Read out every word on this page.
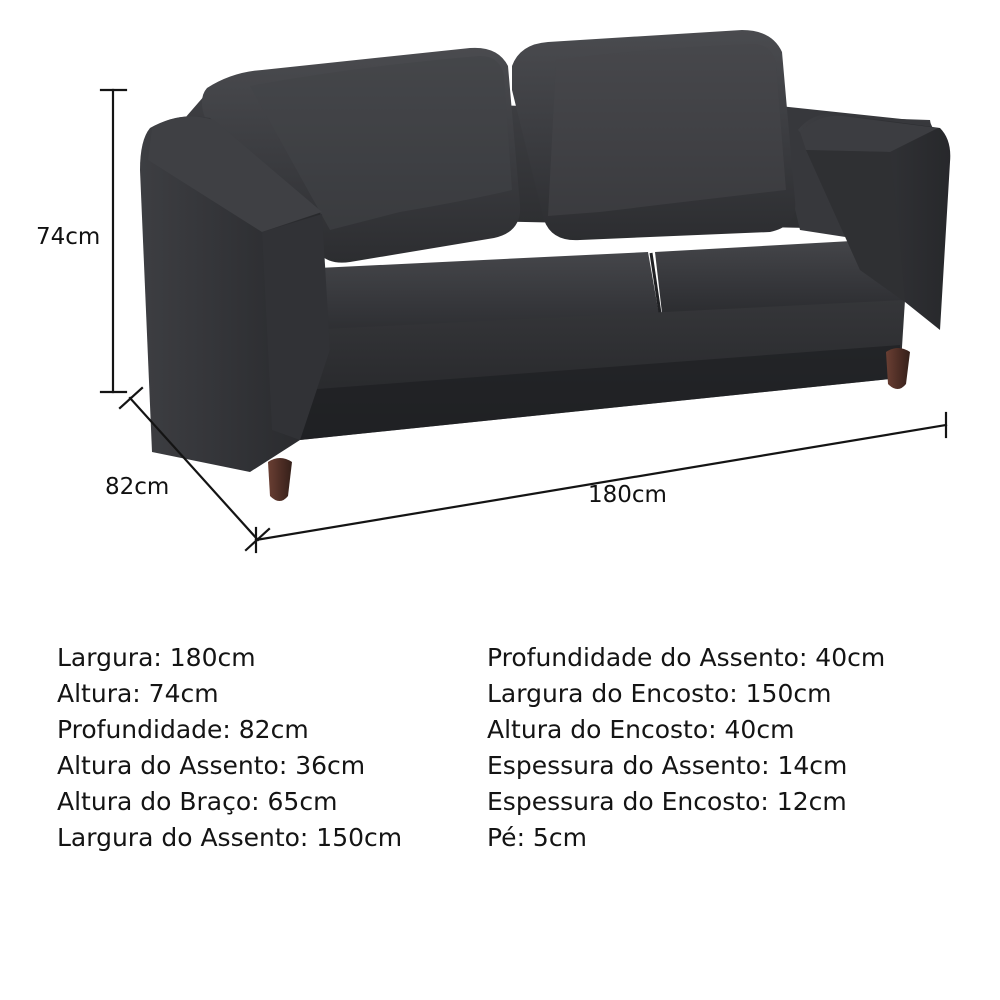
74cm
82cm	180cm
Largura: 180cm
Altura: 74cm
Profundidade: 82cm
Altura do Assento: 36cm
Altura do Braço: 65cm
Largura do Assento: 150cm
Profundidade do Assento: 40cm
Largura do Encosto: 150cm
Altura do Encosto: 40cm
Espessura do Assento: 14cm
Espessura do Encosto: 12cm
Pé: 5cm
